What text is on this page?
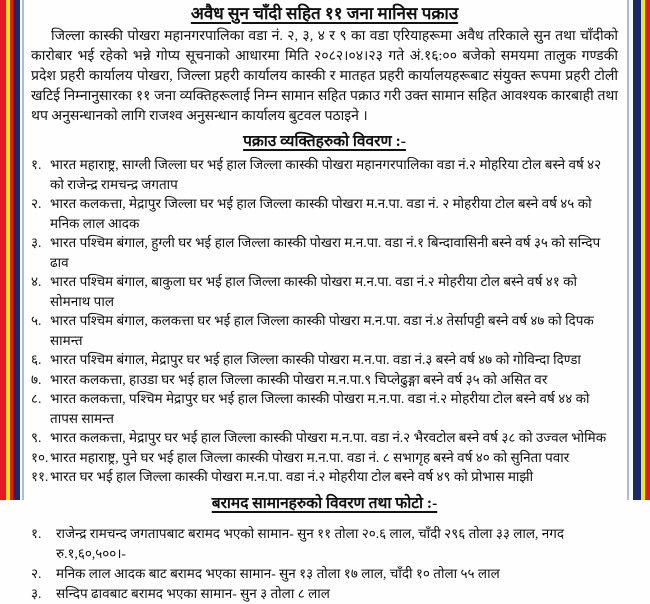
अवैध सुन चाँदी सहित ११ जना मानिस पक्राउ

जिल्ला कास्की पोखरा महानगरपालिका वडा नं. २, ३, ४ र ९ का वडा एरियाहरूमा अवैध तरिकाले सुन तथा चाँदीको कारोबार भई रहेको भन्ने गोप्य सूचनाको आधारमा मिति २०८२।०४।२३ गते अं.१६:०० बजेको समयमा तालुक गण्डकी प्रदेश प्रहरी कार्यालय पोखरा, जिल्ला प्रहरी कार्यालय कास्की र मातहत प्रहरी कार्यालयहरूबाट संयुक्त रूपमा प्रहरी टोली खटिई निम्नानुसारका ११ जना व्यक्तिहरूलाई निम्न सामान सहित पक्राउ गरी उक्त सामान सहित आवश्यक कारबाही तथा थप अनुसन्धानको लागि राजश्व अनुसन्धान कार्यालय बुटवल पठाइने ।

पक्राउ व्यक्तिहरुको विवरण :-
१. भारत महाराष्ट्र, साग्ली जिल्ला घर भई हाल जिल्ला कास्की पोखरा महानगरपालिका वडा नं.२ मोहरिया टोल बस्ने वर्ष ४२ को राजेन्द्र रामचन्द्र जगताप
२. भारत कलकत्ता, मेद्रापुर जिल्ला घर भई हाल जिल्ला कास्की पोखरा म.न.पा. वडा नं. २ मोहरीया टोल बस्ने वर्ष ४५ को मनिक लाल आदक
३. भारत पश्चिम बंगाल, हुग्ली घर भई हाल जिल्ला कास्की पोखरा म.न.पा. वडा नं.१ बिन्दावासिनी बस्ने वर्ष ३५ को सन्दिप ढाव
४. भारत पश्चिम बंगाल, बाकुला घर भई हाल जिल्ला कास्की पोखरा म.न.पा. वडा नं.२ मोहरीया टोल बस्ने वर्ष ४१ को सोमनाथ पाल
५. भारत पश्चिम बंगाल, कलकत्ता घर भई हाल जिल्ला कास्की पोखरा म.न.पा. वडा नं.४ तेर्सापट्टी बस्ने वर्ष ४७ को दिपक सामन्त
६. भारत पश्चिम बंगाल, मेद्रापुर घर भई हाल जिल्ला कास्की पोखरा म.न.पा. वडा नं.३ बस्ने वर्ष ४७ को गोविन्दा दिण्डा
७. भारत कलकत्ता, हाउडा घर भई हाल जिल्ला कास्की पोखरा म.न.पा.९ चिप्लेढुङ्गा बस्ने वर्ष ३५ को असित वर
८. भारत कलकत्ता, पश्चिम मेद्रापुर घर भई हाल जिल्ला कास्की पोखरा म.न.पा. वडा नं.२ मोहरीया टोल बस्ने वर्ष ४४ को तापस सामन्त
९. भारत कलकत्ता, मेद्रापुर घर भई हाल जिल्ला कास्की पोखरा म.न.पा. वडा नं.२ भैरवटोल बस्ने वर्ष ३८ को उज्वल भोमिक
१०. भारत महाराष्ट्र, पुने घर भई हाल जिल्ला कास्की पोखरा म.न.पा. वडा नं. ८ सभागृह बस्ने वर्ष ४० को सुनिता पवार
११. भारत घर भई हाल जिल्ला कास्की पोखरा म.न.पा. वडा नं.२ मोहरीया टोल बस्ने वर्ष ४९ को प्रोभास माझी
बरामद सामानहरुको विवरण तथा फोटो :-
१.	राजेन्द्र रामचन्द जगतापबाट बरामद भएको सामान- सुन ११ तोला २०.६ लाल, चाँदी २९६ तोला ३३ लाल, नगद रु.१,६०,५००।-
२.	मनिक लाल आदक बाट बरामद भएका सामान- सुन १३ तोला १७ लाल, चाँदी १० तोला ५५ लाल
३.	सन्दिप ढावबाट बरामद भएका सामान- सुन ३ तोला ८ लाल
